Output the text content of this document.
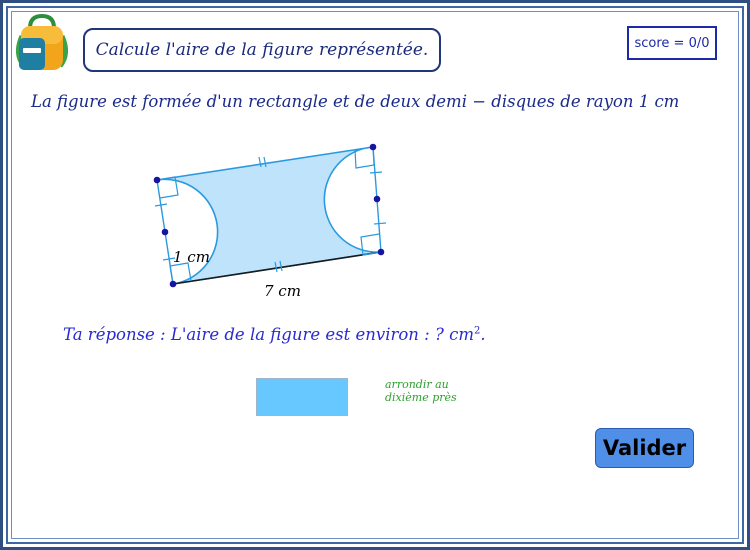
Calcule l'aire de la figure représentée.	score = 0/0
La figure est formée d'un rectangle et de deux demi − disques de rayon 1 cm
1 cm
7 cm
Ta réponse : L'aire de la figure est environ : ? $cm^2$.
arrondir au
dixième près
Valider
